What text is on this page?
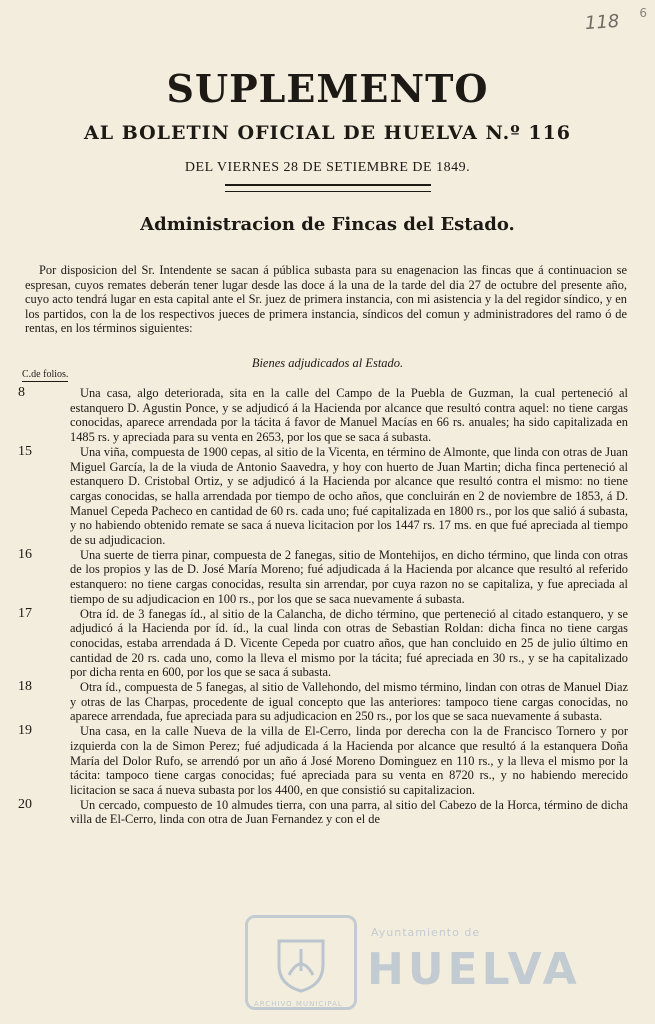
118 6
SUPLEMENTO
AL BOLETIN OFICIAL DE HUELVA N.º 116
DEL VIERNES 28 DE SETIEMBRE DE 1849.
Administracion de Fincas del Estado.

Por disposicion del Sr. Intendente se sacan á pública subasta para su enagenacion las fincas que á continuacion se espresan, cuyos remates deberán tener lugar desde las doce á la una de la tarde del dia 27 de octubre del presente año, cuyo acto tendrá lugar en esta capital ante el Sr. juez de primera instancia, con mi asistencia y la del regidor síndico, y en los partidos, con la de los respectivos jueces de primera instancia, síndicos del comun y administradores del ramo ó de rentas, en los términos siguientes:

Bienes adjudicados al Estado.
C.de folios.
8	Una casa, algo deteriorada, sita en la calle del Campo de la Puebla de Guzman, la cual perteneció al estanquero D. Agustin Ponce, y se adjudicó á la Hacienda por alcance que resultó contra aquel: no tiene cargas conocidas, aparece arrendada por la tácita á favor de Manuel Macías en 66 rs. anuales; ha sido capitalizada en 1485 rs. y apreciada para su venta en 2653, por los que se saca á subasta.
15	Una viña, compuesta de 1900 cepas, al sitio de la Vicenta, en término de Almonte, que linda con otras de Juan Miguel García, la de la viuda de Antonio Saavedra, y hoy con huerto de Juan Martin; dicha finca perteneció al estanquero D. Cristobal Ortiz, y se adjudicó á la Hacienda por alcance que resultó contra el mismo: no tiene cargas conocidas, se halla arrendada por tiempo de ocho años, que concluirán en 2 de noviembre de 1853, á D. Manuel Cepeda Pacheco en cantidad de 60 rs. cada uno; fué capitalizada en 1800 rs., por los que salió á subasta, y no habiendo obtenido remate se saca á nueva licitacion por los 1447 rs. 17 ms. en que fué apreciada al tiempo de su adjudicacion.
16	Una suerte de tierra pinar, compuesta de 2 fanegas, sitio de Montehijos, en dicho término, que linda con otras de los propios y las de D. José María Moreno; fué adjudicada á la Hacienda por alcance que resultó al referido estanquero: no tiene cargas conocidas, resulta sin arrendar, por cuya razon no se capitaliza, y fue apreciada al tiempo de su adjudicacion en 100 rs., por los que se saca nuevamente á subasta.
17	Otra íd. de 3 fanegas íd., al sitio de la Calancha, de dicho término, que perteneció al citado estanquero, y se adjudicó á la Hacienda por íd. íd., la cual linda con otras de Sebastian Roldan: dicha finca no tiene cargas conocidas, estaba arrendada á D. Vicente Cepeda por cuatro años, que han concluido en 25 de julio último en cantidad de 20 rs. cada uno, como la lleva el mismo por la tácita; fué apreciada en 30 rs., y se ha capitalizado por dicha renta en 600, por los que se saca á subasta.
18	Otra íd., compuesta de 5 fanegas, al sitio de Vallehondo, del mismo término, lindan con otras de Manuel Diaz y otras de las Charpas, procedente de igual concepto que las anteriores: tampoco tiene cargas conocidas, no aparece arrendada, fue apreciada para su adjudicacion en 250 rs., por los que se saca nuevamente á subasta.
19	Una casa, en la calle Nueva de la villa de El-Cerro, linda por derecha con la de Francisco Tornero y por izquierda con la de Simon Perez; fué adjudicada á la Hacienda por alcance que resultó á la estanquera Doña María del Dolor Rufo, se arrendó por un año á José Moreno Dominguez en 110 rs., y la lleva el mismo por la tácita: tampoco tiene cargas conocidas; fué apreciada para su venta en 8720 rs., y no habiendo merecido licitacion se saca á nueva subasta por los 4400, en que consistió su capitalizacion.
20	Un cercado, compuesto de 10 almudes tierra, con una parra, al sitio del Cabezo de la Horca, término de dicha villa de El-Cerro, linda con otra de Juan Fernandez y con el de
Ayuntamiento de
HUELVA
ARCHIVO MUNICIPAL
